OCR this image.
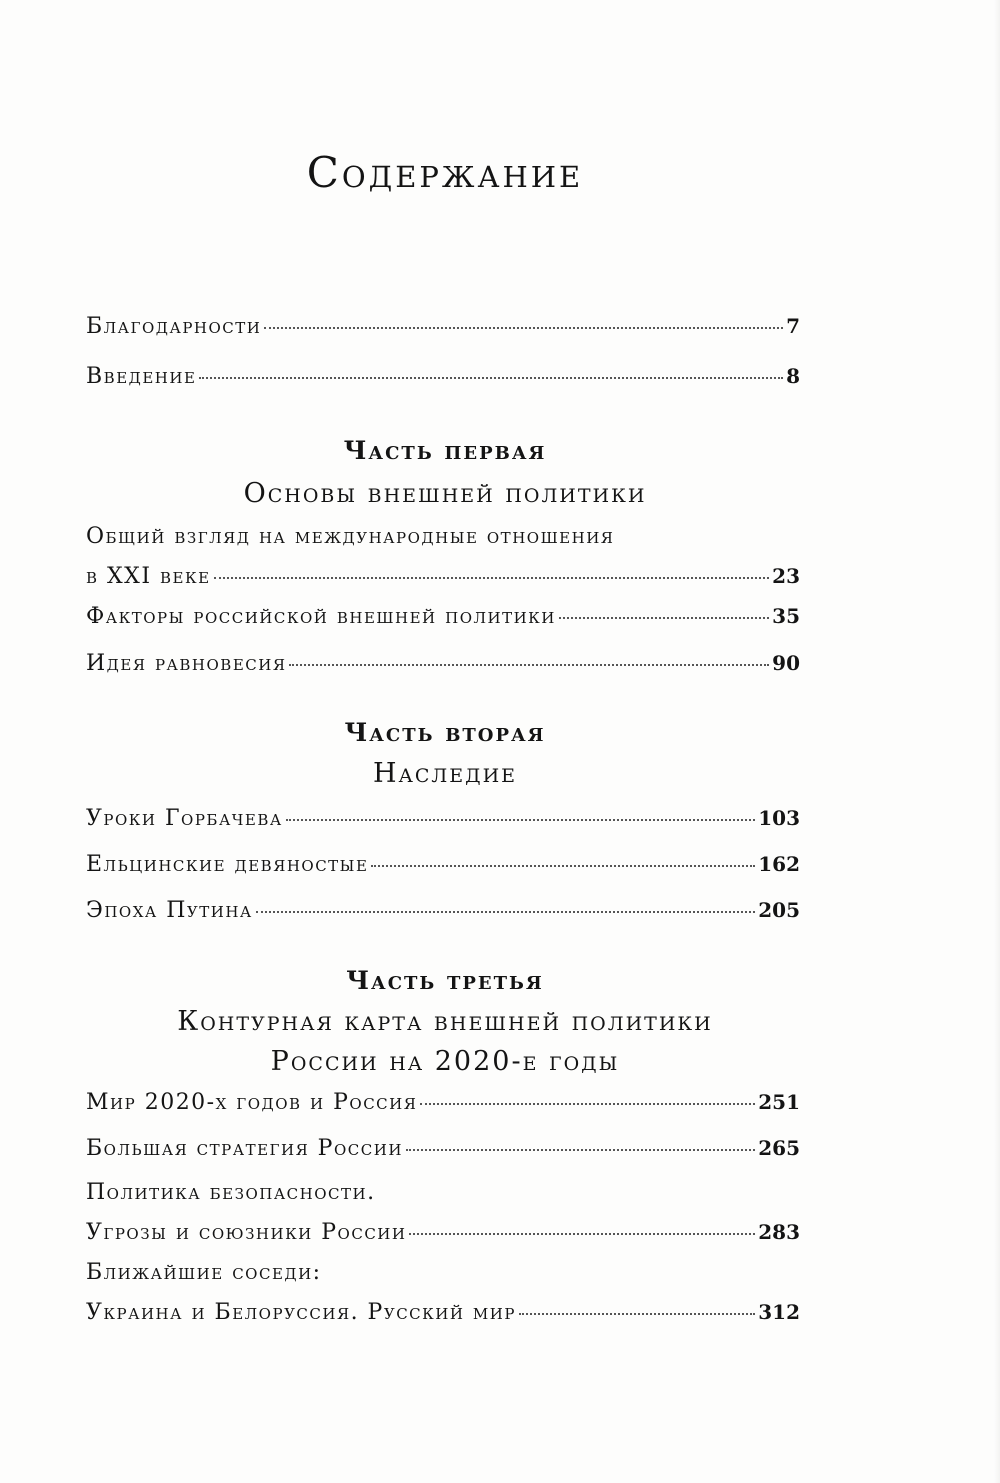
Содержание
Часть первая
Основы внешней политики
Часть вторая
Наследие
Часть третья
Контурная карта внешней политики
России на 2020-е годы
Благодарности	7
Введение	8
Общий взгляд на международные отношения
в XXI веке	23
Факторы российской внешней политики	35
Идея равновесия	90
Уроки Горбачева	103
Ельцинские девяностые	162
Эпоха Путина	205
Мир 2020-х годов и Россия	251
Большая стратегия России	265
Политика безопасности.
Угрозы и союзники России	283
Ближайшие соседи:
Украина и Белоруссия. Русский мир	312
